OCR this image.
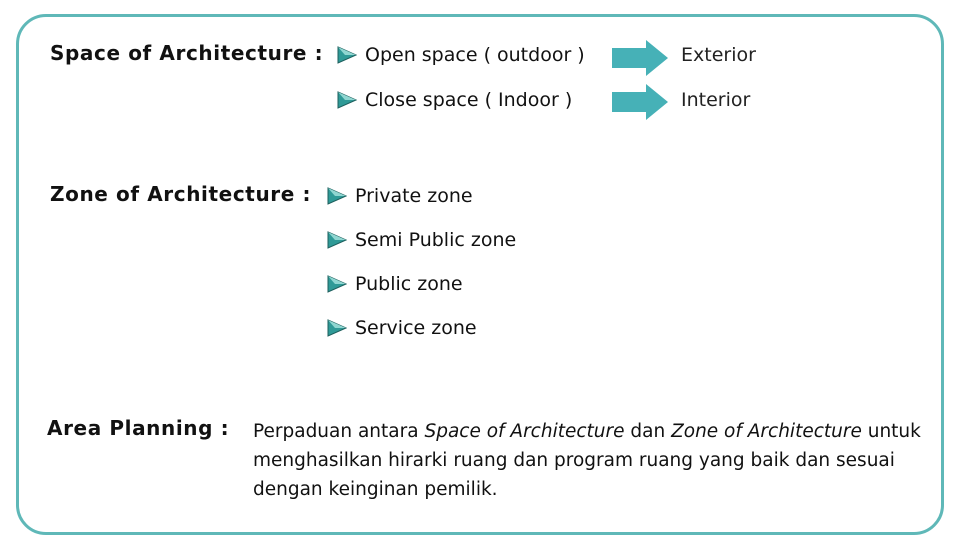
Space of Architecture : Open space ( outdoor )	Exterior
Close space ( Indoor )	Interior
Zone of Architecture : Private zone
Semi Public zone
Public zone
Service zone
Area Planning : Perpaduan antara Space of Architecture dan Zone of Architecture untuk menghasilkan hirarki ruang dan program ruang yang baik dan sesuai dengan keinginan pemilik.
